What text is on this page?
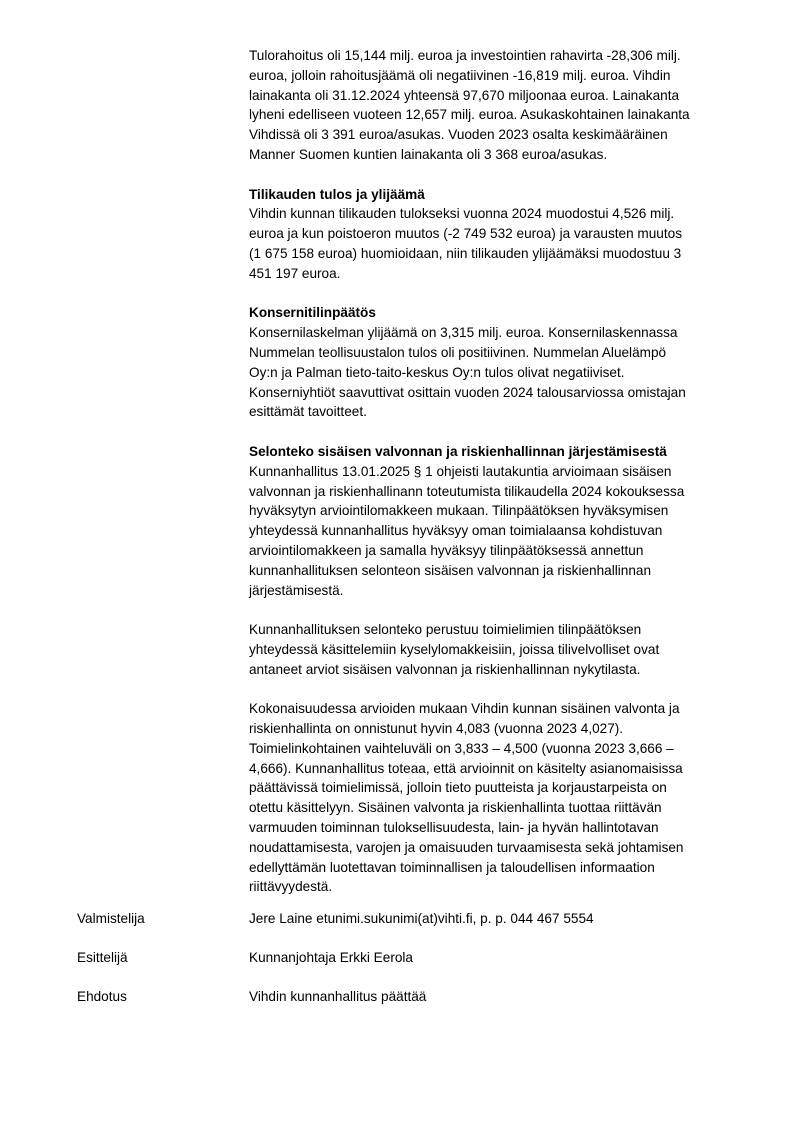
Tulorahoitus oli 15,144 milj. euroa ja investointien rahavirta -28,306 milj.
euroa, jolloin rahoitusjäämä oli negatiivinen -16,819 milj. euroa. Vihdin
lainakanta oli 31.12.2024 yhteensä 97,670 miljoonaa euroa. Lainakanta
lyheni edelliseen vuoteen 12,657 milj. euroa. Asukaskohtainen lainakanta
Vihdissä oli 3 391 euroa/asukas. Vuoden 2023 osalta keskimääräinen
Manner Suomen kuntien lainakanta oli 3 368 euroa/asukas.
Tilikauden tulos ja ylijäämä
Vihdin kunnan tilikauden tulokseksi vuonna 2024 muodostui 4,526 milj.
euroa ja kun poistoeron muutos (-2 749 532 euroa) ja varausten muutos
(1 675 158 euroa) huomioidaan, niin tilikauden ylijäämäksi muodostuu 3
451 197 euroa.
Konsernitilinpäätös
Konsernilaskelman ylijäämä on 3,315 milj. euroa. Konsernilaskennassa
Nummelan teollisuustalon tulos oli positiivinen. Nummelan Aluelämpö
Oy:n ja Palman tieto-taito-keskus Oy:n tulos olivat negatiiviset.
Konserniyhtiöt saavuttivat osittain vuoden 2024 talousarviossa omistajan
esittämät tavoitteet.
Selonteko sisäisen valvonnan ja riskienhallinnan järjestämisestä
Kunnanhallitus 13.01.2025 § 1 ohjeisti lautakuntia arvioimaan sisäisen
valvonnan ja riskienhallinann toteutumista tilikaudella 2024 kokouksessa
hyväksytyn arviointilomakkeen mukaan. Tilinpäätöksen hyväksymisen
yhteydessä kunnanhallitus hyväksyy oman toimialaansa kohdistuvan
arviointilomakkeen ja samalla hyväksyy tilinpäätöksessä annettun
kunnanhallituksen selonteon sisäisen valvonnan ja riskienhallinnan
järjestämisestä.
Kunnanhallituksen selonteko perustuu toimielimien tilinpäätöksen
yhteydessä käsittelemiin kyselylomakkeisiin, joissa tilivelvolliset ovat
antaneet arviot sisäisen valvonnan ja riskienhallinnan nykytilasta.
Kokonaisuudessa arvioiden mukaan Vihdin kunnan sisäinen valvonta ja
riskienhallinta on onnistunut hyvin 4,083 (vuonna 2023 4,027).
Toimielinkohtainen vaihteluväli on 3,833 – 4,500 (vuonna 2023 3,666 –
4,666). Kunnanhallitus toteaa, että arvioinnit on käsitelty asianomaisissa
päättävissä toimielimissä, jolloin tieto puutteista ja korjaustarpeista on
otettu käsittelyyn. Sisäinen valvonta ja riskienhallinta tuottaa riittävän
varmuuden toiminnan tuloksellisuudesta, lain- ja hyvän hallintotavan
noudattamisesta, varojen ja omaisuuden turvaamisesta sekä johtamisen
edellyttämän luotettavan toiminnallisen ja taloudellisen informaation
riittävyydestä.
Valmistelija	Jere Laine etunimi.sukunimi(at)vihti.fi, p. p. 044 467 5554
Esittelijä	Kunnanjohtaja Erkki Eerola
Ehdotus	Vihdin kunnanhallitus päättää
